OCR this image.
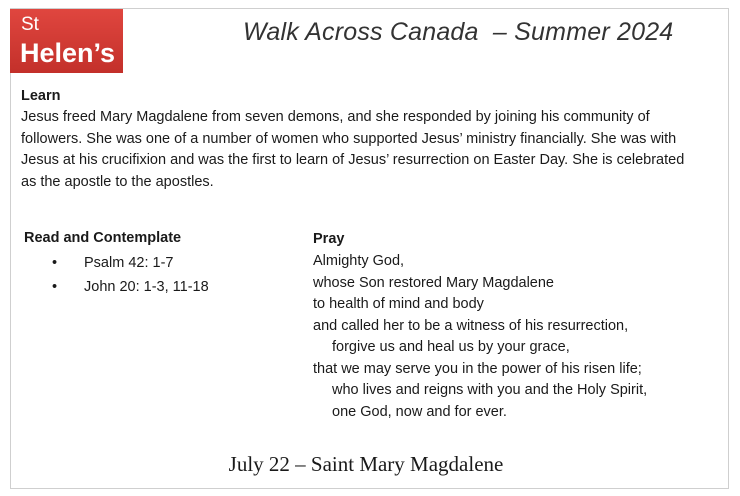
St
Helen’s
Walk Across Canada  – Summer 2024
Learn
Jesus freed Mary Magdalene from seven demons, and she responded by joining his community of
followers. She was one of a number of women who supported Jesus’ ministry financially. She was with
Jesus at his crucifixion and was the first to learn of Jesus’ resurrection on Easter Day. She is celebrated
as the apostle to the apostles.
Read and Contemplate
• Psalm 42: 1-7
• John 20: 1-3, 11-18
Pray
Almighty God,
whose Son restored Mary Magdalene
to health of mind and body
and called her to be a witness of his resurrection,
forgive us and heal us by your grace,
that we may serve you in the power of his risen life;
who lives and reigns with you and the Holy Spirit,
one God, now and for ever.
July 22 – Saint Mary Magdalene
